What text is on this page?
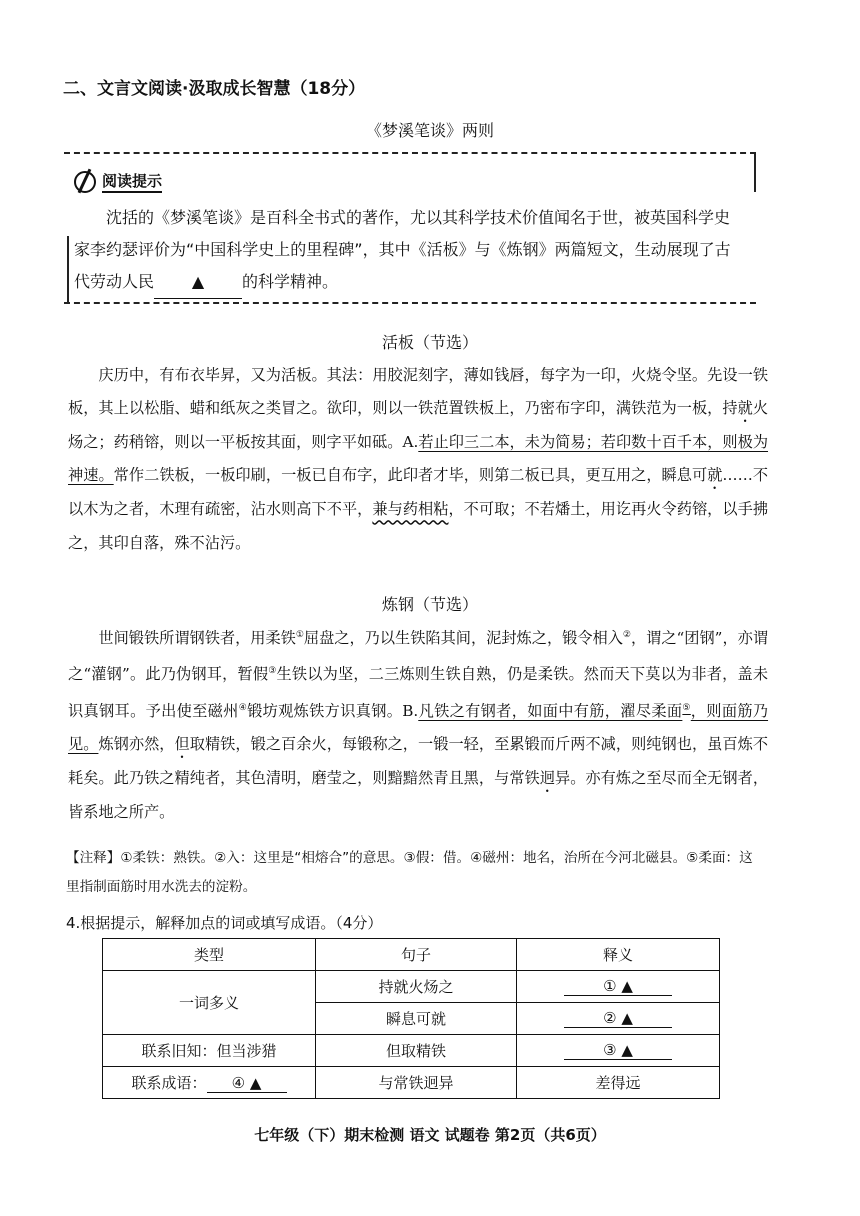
二、文言文阅读·汲取成长智慧（18分）
《梦溪笔谈》两则
阅读提示
沈括的《梦溪笔谈》是百科全书式的著作，尤以其科学技术价值闻名于世，被英国科学史家李约瑟评价为“中国科学史上的里程碑”，其中《活板》与《炼钢》两篇短文，生动展现了古代劳动人民 ▲ 的科学精神。
活板（节选）

庆历中，有布衣毕昇，又为活板。其法：用胶泥刻字，薄如钱唇，每字为一印，火烧令坚。先设一铁板，其上以松脂、蜡和纸灰之类冒之。欲印，则以一铁范置铁板上，乃密布字印，满铁范为一板，持就火炀之；药稍镕，则以一平板按其面，则字平如砥。A.若止印三二本，未为简易；若印数十百千本，则极为神速。常作二铁板，一板印刷，一板已自布字，此印者才毕，则第二板已具，更互用之，瞬息可就……不以木为之者，木理有疏密，沾水则高下不平，兼与药相粘，不可取；不若燔土，用讫再火令药镕，以手拂之，其印自落，殊不沾污。

炼钢（节选）

世间锻铁所谓钢铁者，用柔铁①屈盘之，乃以生铁陷其间，泥封炼之，锻令相入②，谓之“团钢”，亦谓之“灌钢”。此乃伪钢耳，暂假③生铁以为坚，二三炼则生铁自熟，仍是柔铁。然而天下莫以为非者，盖未识真钢耳。予出使至磁州④锻坊观炼铁方识真钢。B.凡铁之有钢者，如面中有筋，濯尽柔面⑤，则面筋乃见。炼钢亦然，但取精铁，锻之百余火，每锻称之，一锻一轻，至累锻而斤两不减，则纯钢也，虽百炼不耗矣。此乃铁之精纯者，其色清明，磨莹之，则黯黯然青且黑，与常铁迥异。亦有炼之至尽而全无钢者，皆系地之所产。

【注释】①柔铁：熟铁。②入：这里是“相熔合”的意思。③假：借。④磁州：地名，治所在今河北磁县。⑤柔面：这里指制面筋时用水洗去的淀粉。
4.根据提示，解释加点的词或填写成语。（4分）
类型	句子	释义
一词多义	持就火炀之	① ▲
	瞬息可就	② ▲
联系旧知：但当涉猎	但取精铁	③ ▲
联系成语： ④ ▲	与常铁迥异	差得远
七年级（下）期末检测 语文 试题卷 第2页（共6页）
